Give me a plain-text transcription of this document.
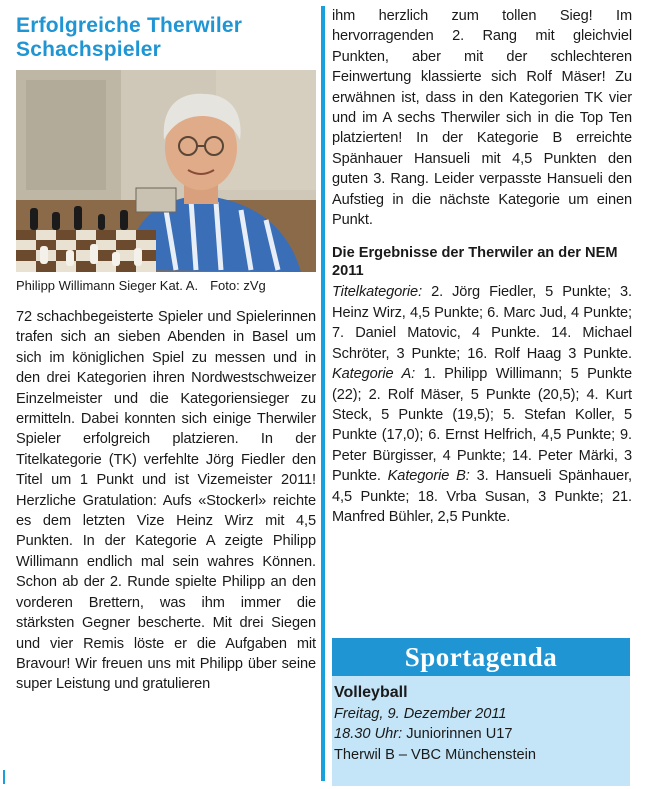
Erfolgreiche Therwiler
Schachspieler
Philipp Willimann Sieger Kat. A. Foto: zVg
72 schachbegeisterte Spieler und Spielerinnen trafen sich an sieben Abenden in Basel um sich im königlichen Spiel zu messen und in den drei Kategorien ihren Nordwestschweizer Einzelmeister und die Kategoriensieger zu ermitteln. Dabei konnten sich einige Therwiler Spieler erfolgreich platzieren. In der Titelkategorie (TK) verfehlte Jörg Fiedler den Titel um 1 Punkt und ist Vizemeister 2011! Herzliche Gratulation: Aufs «Stockerl» reichte es dem letzten Vize Heinz Wirz mit 4,5 Punkten. In der Kategorie A zeigte Philipp Willimann endlich mal sein wahres Können. Schon ab der 2. Runde spielte Philipp an den vorderen Brettern, was ihm immer die stärksten Gegner bescherte. Mit drei Siegen und vier Remis löste er die Aufgaben mit Bravour! Wir freuen uns mit Philipp über seine super Leistung und gratulieren
ihm herzlich zum tollen Sieg! Im hervorragenden 2. Rang mit gleichviel Punkten, aber mit der schlechteren Feinwertung klassierte sich Rolf Mäser! Zu erwähnen ist, dass in den Kategorien TK vier und im A sechs Therwiler sich in die Top Ten platzierten! In der Kategorie B erreichte Spänhauer Hansueli mit 4,5 Punkten den guten 3. Rang. Leider verpasste Hansueli den Aufstieg in die nächste Kategorie um einen Punkt.
Die Ergebnisse der Therwiler an der NEM 2011
Titelkategorie: 2. Jörg Fiedler, 5 Punkte; 3. Heinz Wirz, 4,5 Punkte; 6. Marc Jud, 4 Punkte; 7. Daniel Matovic, 4 Punkte. 14. Michael Schröter, 3 Punkte; 16. Rolf Haag 3 Punkte. Kategorie A: 1. Philipp Willimann; 5 Punkte (22); 2. Rolf Mäser, 5 Punkte (20,5); 4. Kurt Steck, 5 Punkte (19,5); 5. Stefan Koller, 5 Punkte (17,0); 6. Ernst Helfrich, 4,5 Punkte; 9. Peter Bürgisser, 4 Punkte; 14. Peter Märki, 3 Punkte. Kategorie B: 3. Hansueli Spänhauer, 4,5 Punkte; 18. Vrba Susan, 3 Punkte; 21. Manfred Bühler, 2,5 Punkte.
Sportagenda
Volleyball
Freitag, 9. Dezember 2011
18.30 Uhr: Juniorinnen U17
Therwil B – VBC Münchenstein
